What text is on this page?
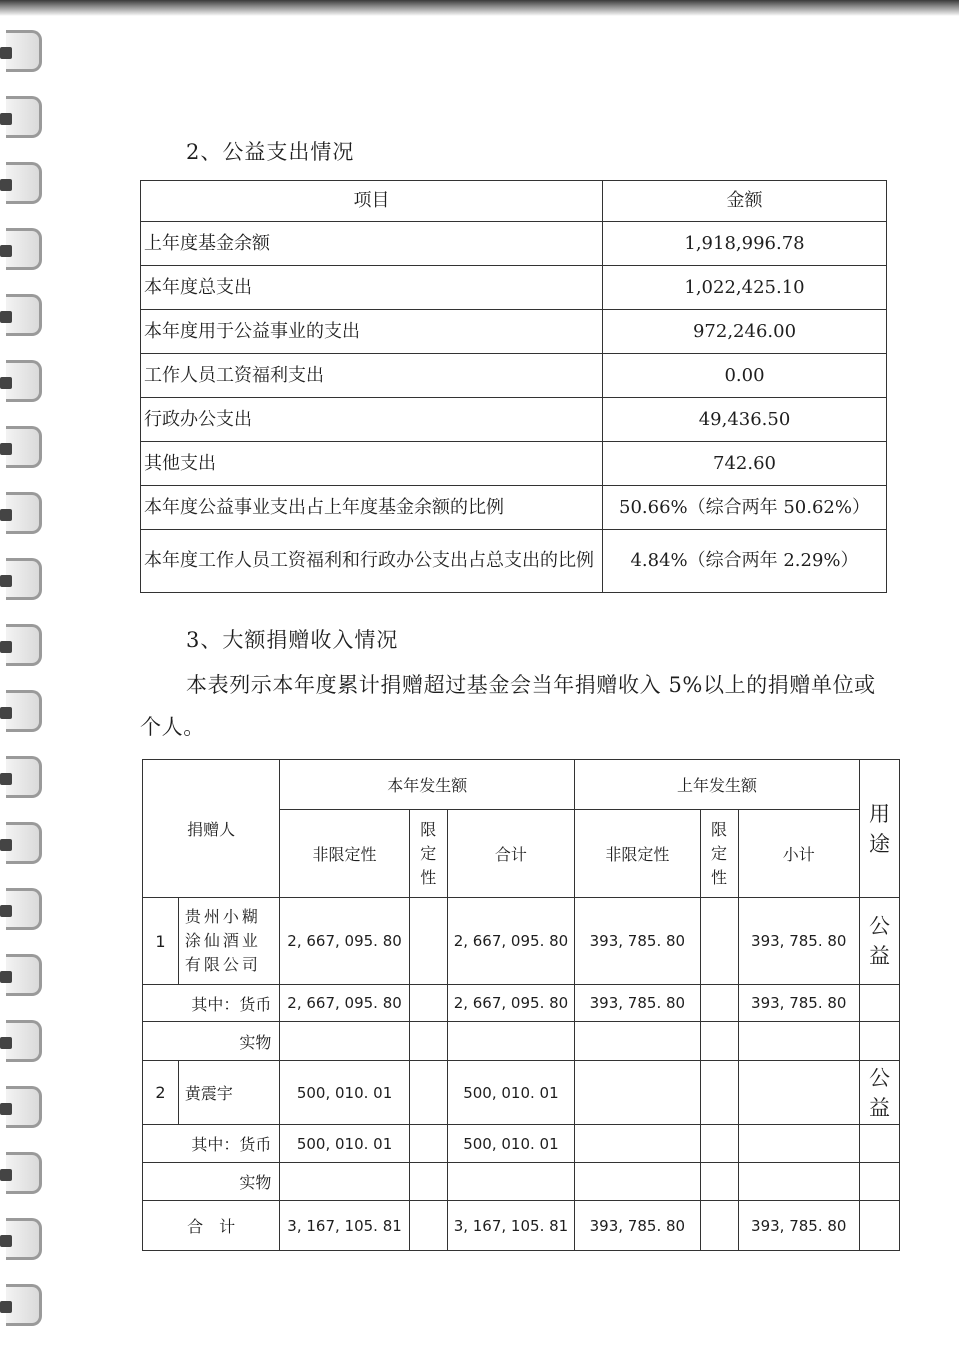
2、公益支出情况
项目	金额
上年度基金余额	1,918,996.78
本年度总支出	1,022,425.10
本年度用于公益事业的支出	972,246.00
工作人员工资福利支出	0.00
行政办公支出	49,436.50
其他支出	742.60
本年度公益事业支出占上年度基金余额的比例	50.66%（综合两年 50.62%）
本年度工作人员工资福利和行政办公支出占总支出的比例	4.84%（综合两年 2.29%）
3、大额捐赠收入情况
本表列示本年度累计捐赠超过基金会当年捐赠收入 5%以上的捐赠单位或个人。
捐赠人		本年发生额			上年发生额			用途
		非限定性	限定性	合计	非限定性	限定性	小计	
1	贵州小糊涂仙酒业有限公司	2, 667, 095. 80		2, 667, 095. 80	393, 785. 80		393, 785. 80	公益
其中：货币		2, 667, 095. 80		2, 667, 095. 80	393, 785. 80		393, 785. 80	
实物								
2	黄震宇	500, 010. 01		500, 010. 01				公益
其中：货币		500, 010. 01		500, 010. 01				
实物								
合　计		3, 167, 105. 81		3, 167, 105. 81	393, 785. 80		393, 785. 80	
